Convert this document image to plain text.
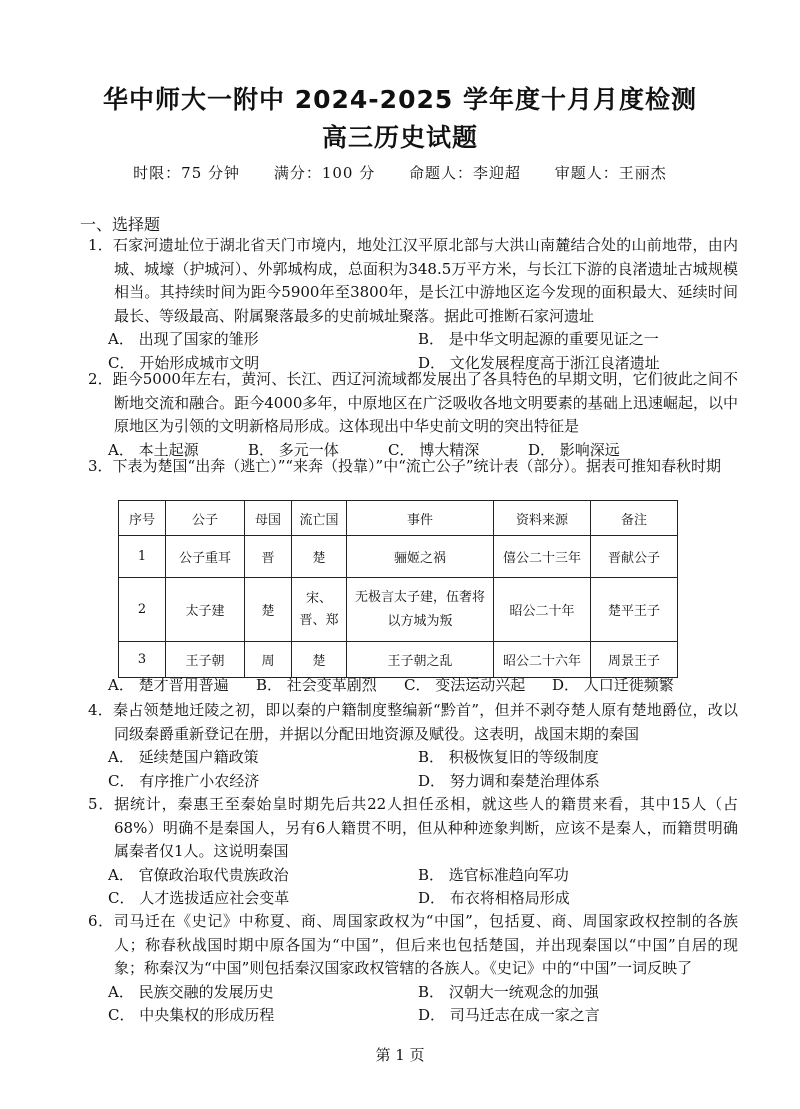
华中师大一附中 2024-2025 学年度十月月度检测
高三历史试题
时限：75 分钟 满分：100 分 命题人：李迎超 审题人：王丽杰
一、选择题

1．石家河遗址位于湖北省天门市境内，地处江汉平原北部与大洪山南麓结合处的山前地带，由内城、城壕（护城河）、外郭城构成，总面积为348.5万平方米，与长江下游的良渚遗址古城规模相当。其持续时间为距今5900年至3800年，是长江中游地区迄今发现的面积最大、延续时间最长、等级最高、附属聚落最多的史前城址聚落。据此可推断石家河遗址

A． 出现了国家的雏形	B． 是中华文明起源的重要见证之一
C． 开始形成城市文明	D． 文化发展程度高于浙江良渚遗址

2．距今5000年左右，黄河、长江、西辽河流域都发展出了各具特色的早期文明，它们彼此之间不断地交流和融合。距今4000多年，中原地区在广泛吸收各地文明要素的基础上迅速崛起，以中原地区为引领的文明新格局形成。这体现出中华史前文明的突出特征是

A． 本土起源	B． 多元一体	C． 博大精深	D． 影响深远

3．下表为楚国“出奔（逃亡）”“来奔（投靠）”中“流亡公子”统计表（部分）。据表可推知春秋时期

序号	公子	母国	流亡国	事件	资料来源	备注
1	公子重耳	晋	楚	骊姬之祸	僖公二十三年	晋献公子
2	太子建	楚	宋、晋、郑	无极言太子建，伍奢将以方城为叛	昭公二十年	楚平王子
3	王子朝	周	楚	王子朝之乱	昭公二十六年	周景王子
A． 楚才晋用普遍	B． 社会变革剧烈	C． 变法运动兴起	D． 人口迁徙频繁

4．秦占领楚地迁陵之初，即以秦的户籍制度整编新“黔首”，但并不剥夺楚人原有楚地爵位，改以同级秦爵重新登记在册，并据以分配田地资源及赋役。这表明，战国末期的秦国

A． 延续楚国户籍政策	B． 积极恢复旧的等级制度
C． 有序推广小农经济	D． 努力调和秦楚治理体系

5．据统计，秦惠王至秦始皇时期先后共22人担任丞相，就这些人的籍贯来看，其中15人（占68%）明确不是秦国人，另有6人籍贯不明，但从种种迹象判断，应该不是秦人，而籍贯明确属秦者仅1人。这说明秦国

A． 官僚政治取代贵族政治	B． 选官标准趋向军功
C． 人才选拔适应社会变革	D． 布衣将相格局形成

6．司马迁在《史记》中称夏、商、周国家政权为“中国”，包括夏、商、周国家政权控制的各族人；称春秋战国时期中原各国为“中国”，但后来也包括楚国，并出现秦国以“中国”自居的现象；称秦汉为“中国”则包括秦汉国家政权管辖的各族人。《史记》中的“中国”一词反映了

A． 民族交融的发展历史	B． 汉朝大一统观念的加强
C． 中央集权的形成历程	D． 司马迁志在成一家之言
第 1 页
